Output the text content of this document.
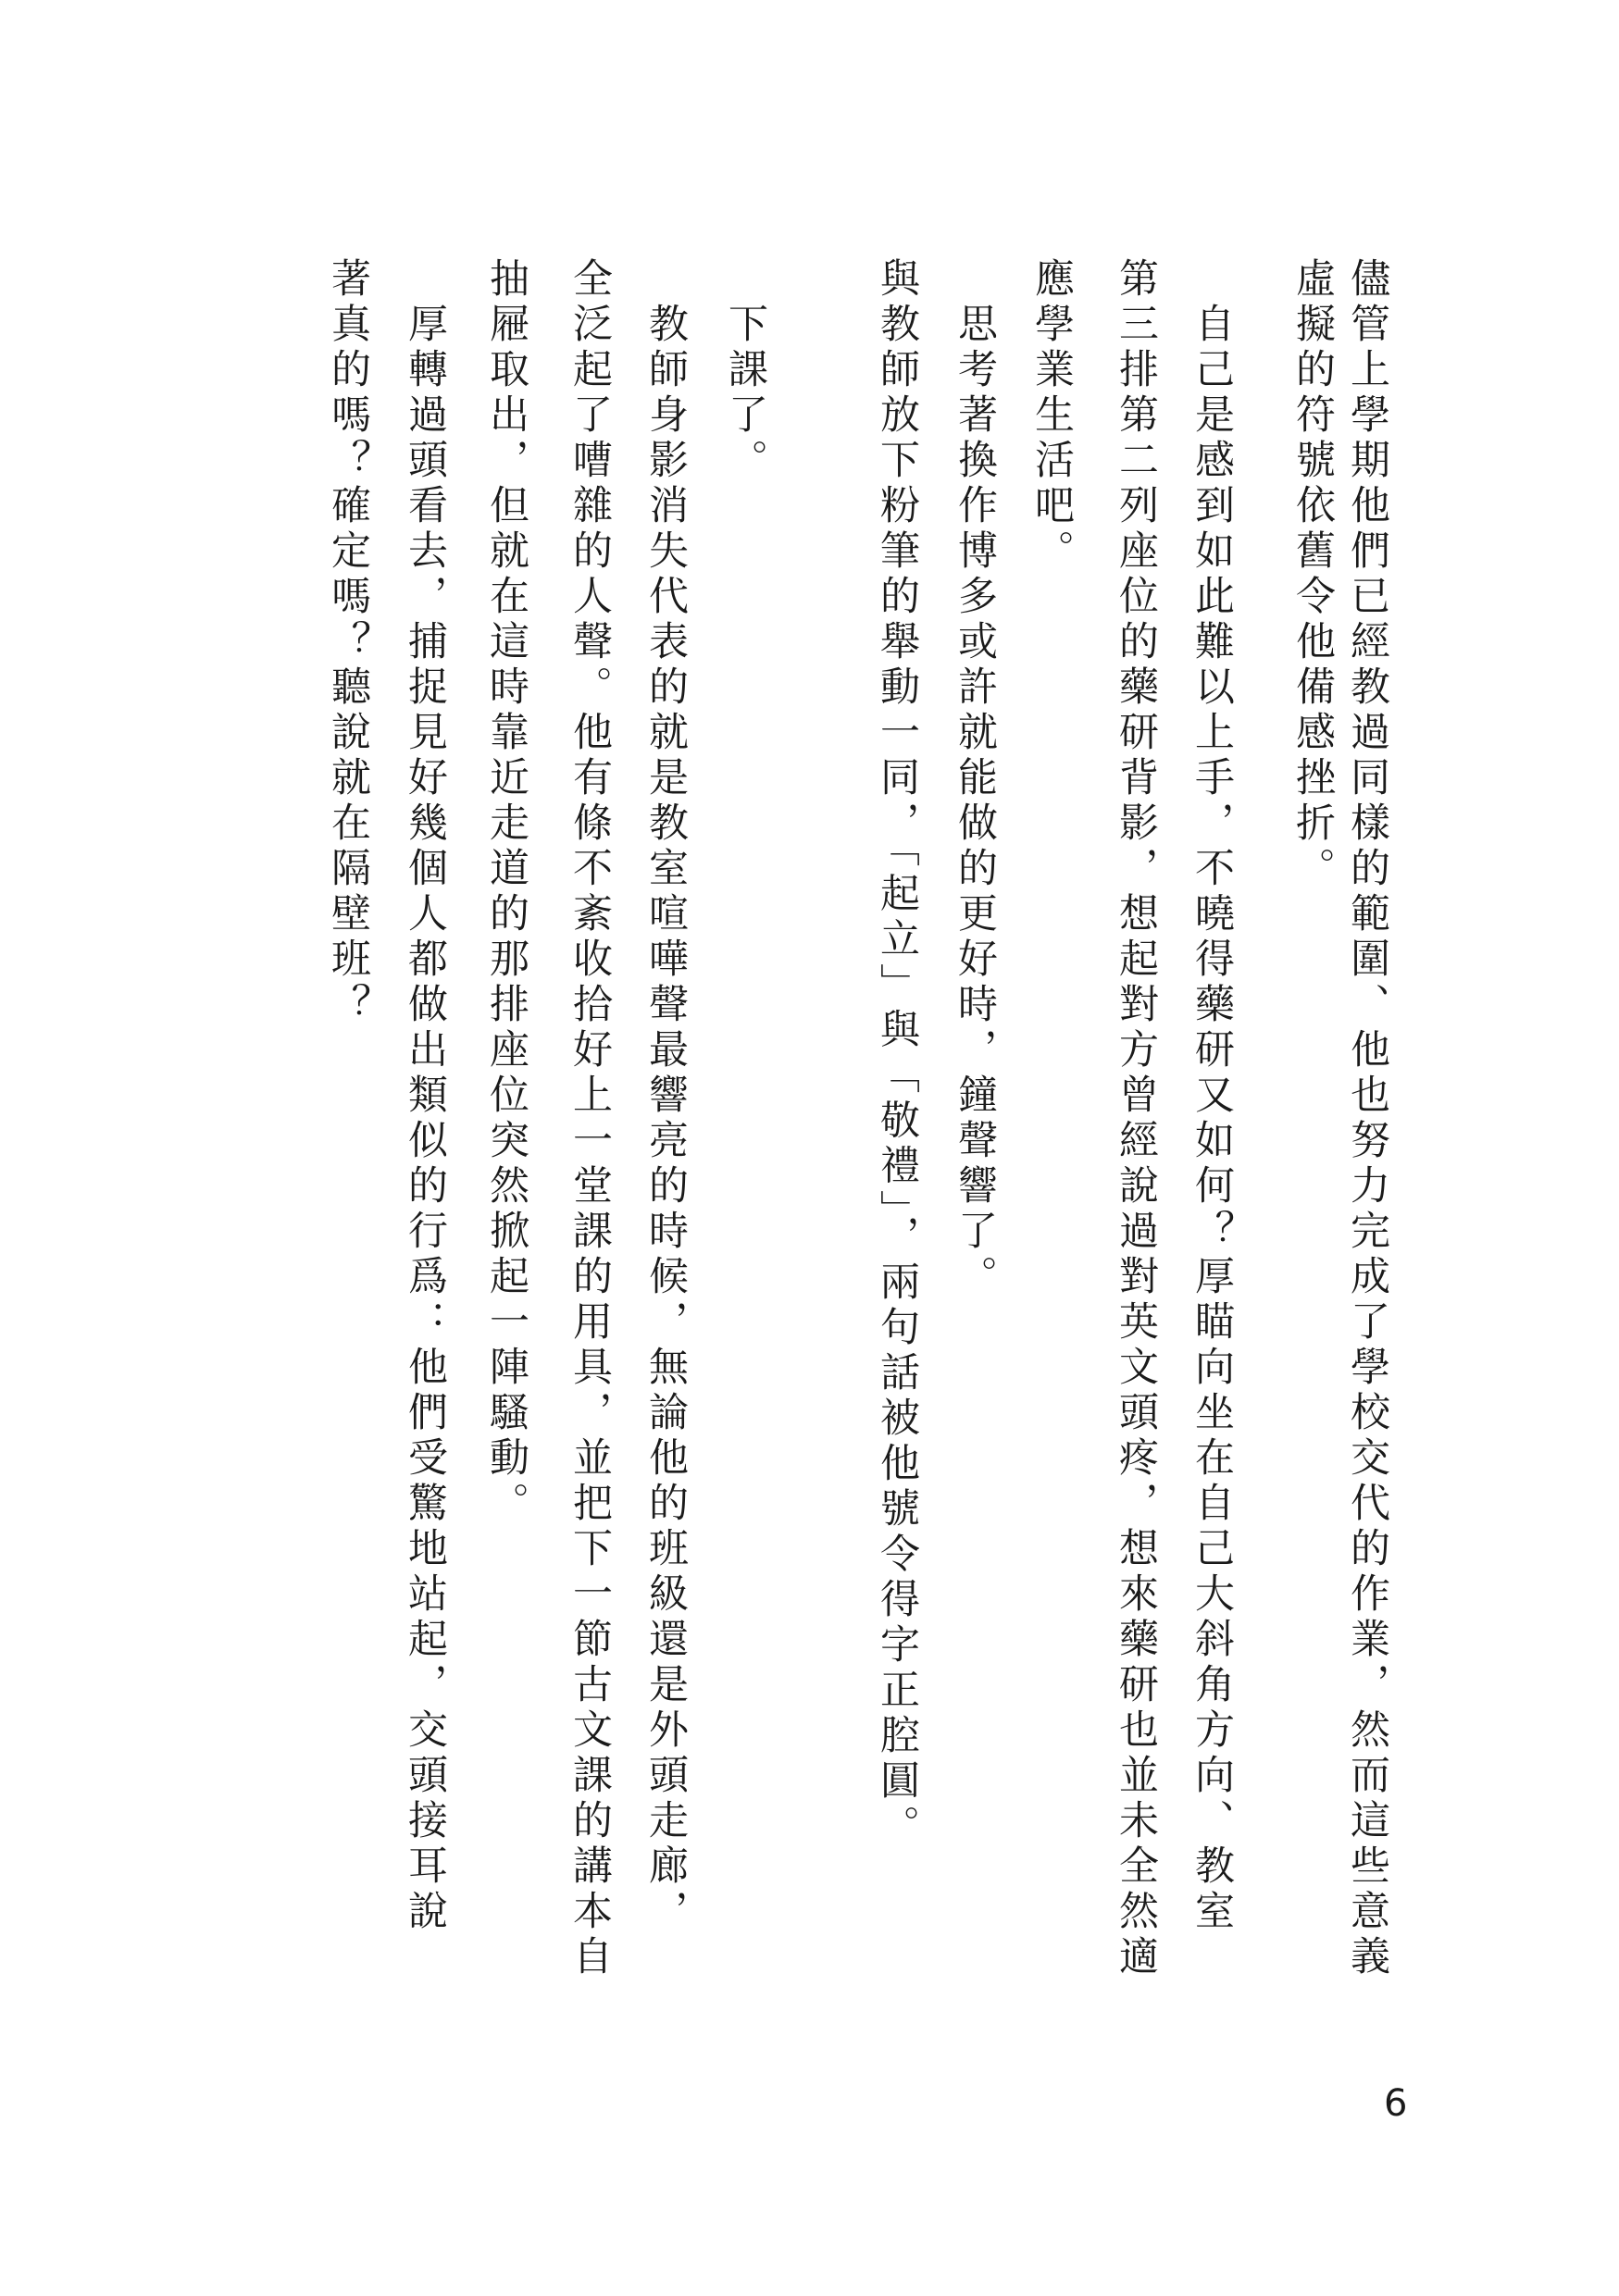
儘管上學期他們已經教過同樣的範圍、他也努力完成了學校交代的作業，然而這些意義
虛擬的符號依舊令他備感挫折。
自己是感到如此難以上手，不曉得藥研又如何？厚瞄向坐在自己大斜角方向、教室
第三排第二列座位的藥研背影，想起對方曾經說過對英文頭疼，想來藥研也並未全然適
應學業生活吧。
思考著換作博多或許就能做的更好時，鐘聲響了。
與教師放下粉筆的舉動一同，「起立」與「敬禮」，兩句話被他號令得字正腔圓。
下課了。
教師身影消失代表的就是教室喧嘩聲最響亮的時候，無論他的班級還是外頭走廊，
全泛起了嘈雜的人聲。他有條不紊收拾好上一堂課的用具，並把下一節古文課的講本自
抽屜取出，但就在這時靠近走道的那排座位突然掀起一陣騷動。
厚轉過頭看去，捕捉見好幾個人都做出類似的行爲：他們受驚地站起，交頭接耳說
著真的嗎？確定嗎？聽說就在隔壁班？
6
